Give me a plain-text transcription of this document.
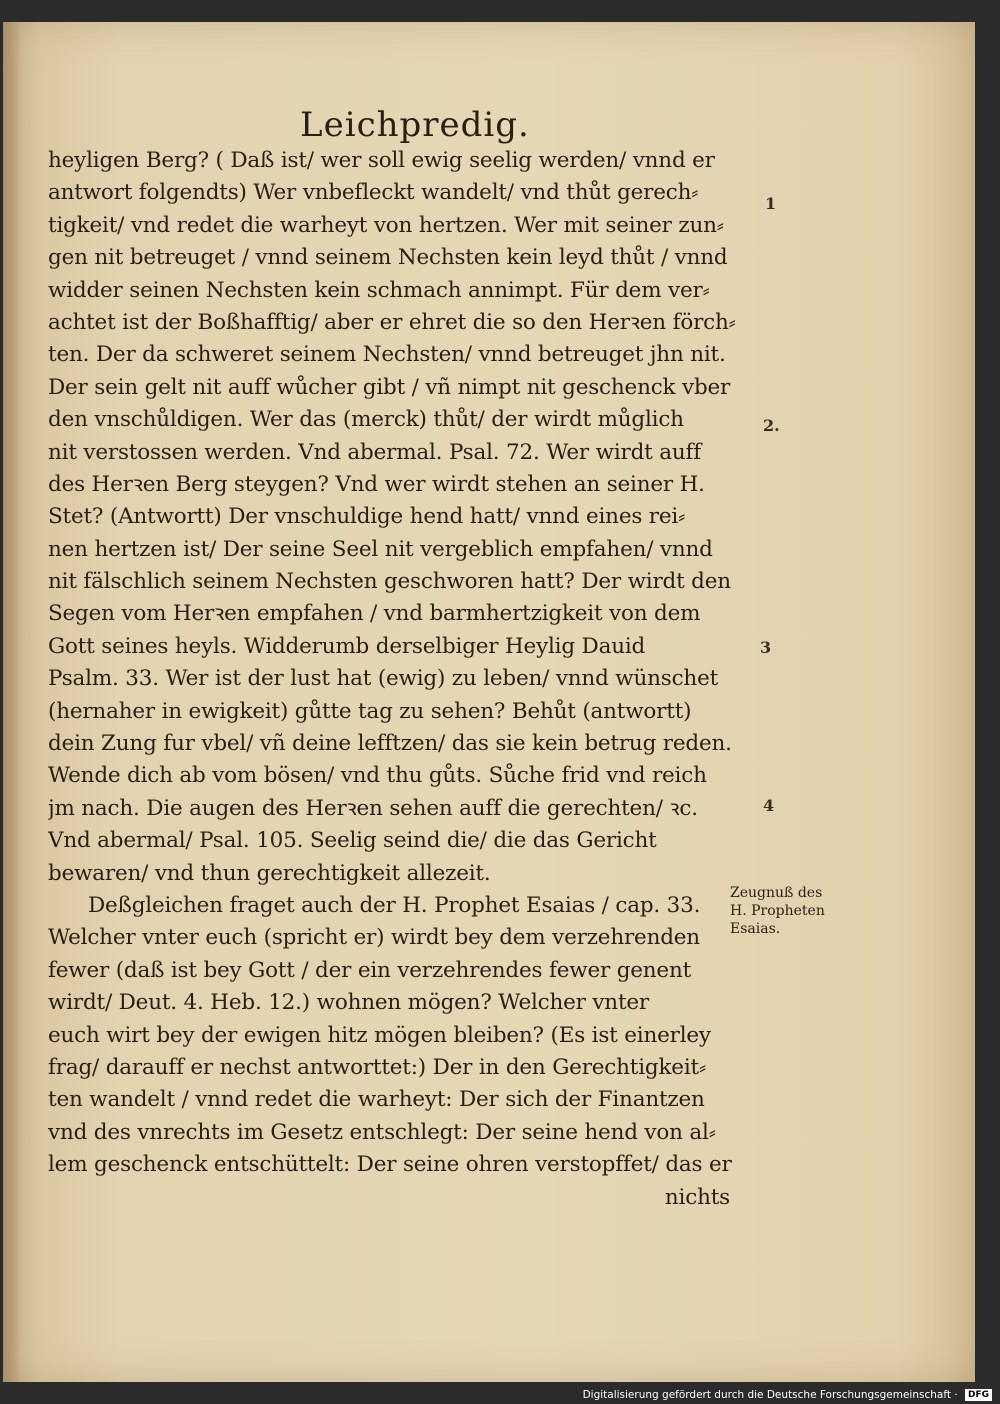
Leichpredig.
heyligen Berg? ( Daß ist/ wer soll ewig seelig werden/ vnnd er
antwort folgendts) Wer vnbefleckt wandelt/ vnd thůt gerech⸗
tigkeit/ vnd redet die warheyt von hertzen. Wer mit seiner zun⸗
gen nit betreuget / vnnd seinem Nechsten kein leyd thůt / vnnd
widder seinen Nechsten kein schmach annimpt. Für dem ver⸗
achtet ist der Boßhafftig/ aber er ehret die so den Herꝛen förch⸗
ten. Der da schweret seinem Nechsten/ vnnd betreuget jhn nit.
Der sein gelt nit auff wůcher gibt / vñ nimpt nit geschenck vber
den vnschůldigen. Wer das (merck) thůt/ der wirdt můglich
nit verstossen werden. Vnd abermal. Psal. 72. Wer wirdt auff
des Herꝛen Berg steygen? Vnd wer wirdt stehen an seiner H.
Stet? (Antwortt) Der vnschuldige hend hatt/ vnnd eines rei⸗
nen hertzen ist/ Der seine Seel nit vergeblich empfahen/ vnnd
nit fälschlich seinem Nechsten geschworen hatt? Der wirdt den
Segen vom Herꝛen empfahen / vnd barmhertzigkeit von dem
Gott seines heyls. Widderumb derselbiger Heylig Dauid
Psalm. 33. Wer ist der lust hat (ewig) zu leben/ vnnd wünschet
(hernaher in ewigkeit) gůtte tag zu sehen? Behůt (antwortt)
dein Zung fur vbel/ vñ deine lefftzen/ das sie kein betrug reden.
Wende dich ab vom bösen/ vnd thu gůts. Sůche frid vnd reich
jm nach. Die augen des Herꝛen sehen auff die gerechten/ ꝛc.
Vnd abermal/ Psal. 105. Seelig seind die/ die das Gericht
bewaren/ vnd thun gerechtigkeit allezeit.
Deßgleichen fraget auch der H. Prophet Esaias / cap. 33.
Welcher vnter euch (spricht er) wirdt bey dem verzehrenden
fewer (daß ist bey Gott / der ein verzehrendes fewer genent
wirdt/ Deut. 4. Heb. 12.) wohnen mögen? Welcher vnter
euch wirt bey der ewigen hitz mögen bleiben? (Es ist einerley
frag/ darauff er nechst antworttet:) Der in den Gerechtigkeit⸗
ten wandelt / vnnd redet die warheyt: Der sich der Finantzen
vnd des vnrechts im Gesetz entschlegt: Der seine hend von al⸗
lem geschenck entschüttelt: Der seine ohren verstopffet/ das er
nichts
1
2.
3
4
Zeugnuß des
H. Propheten
Esaias.
Digitalisierung gefördert durch die Deutsche Forschungsgemeinschaft · DFG
